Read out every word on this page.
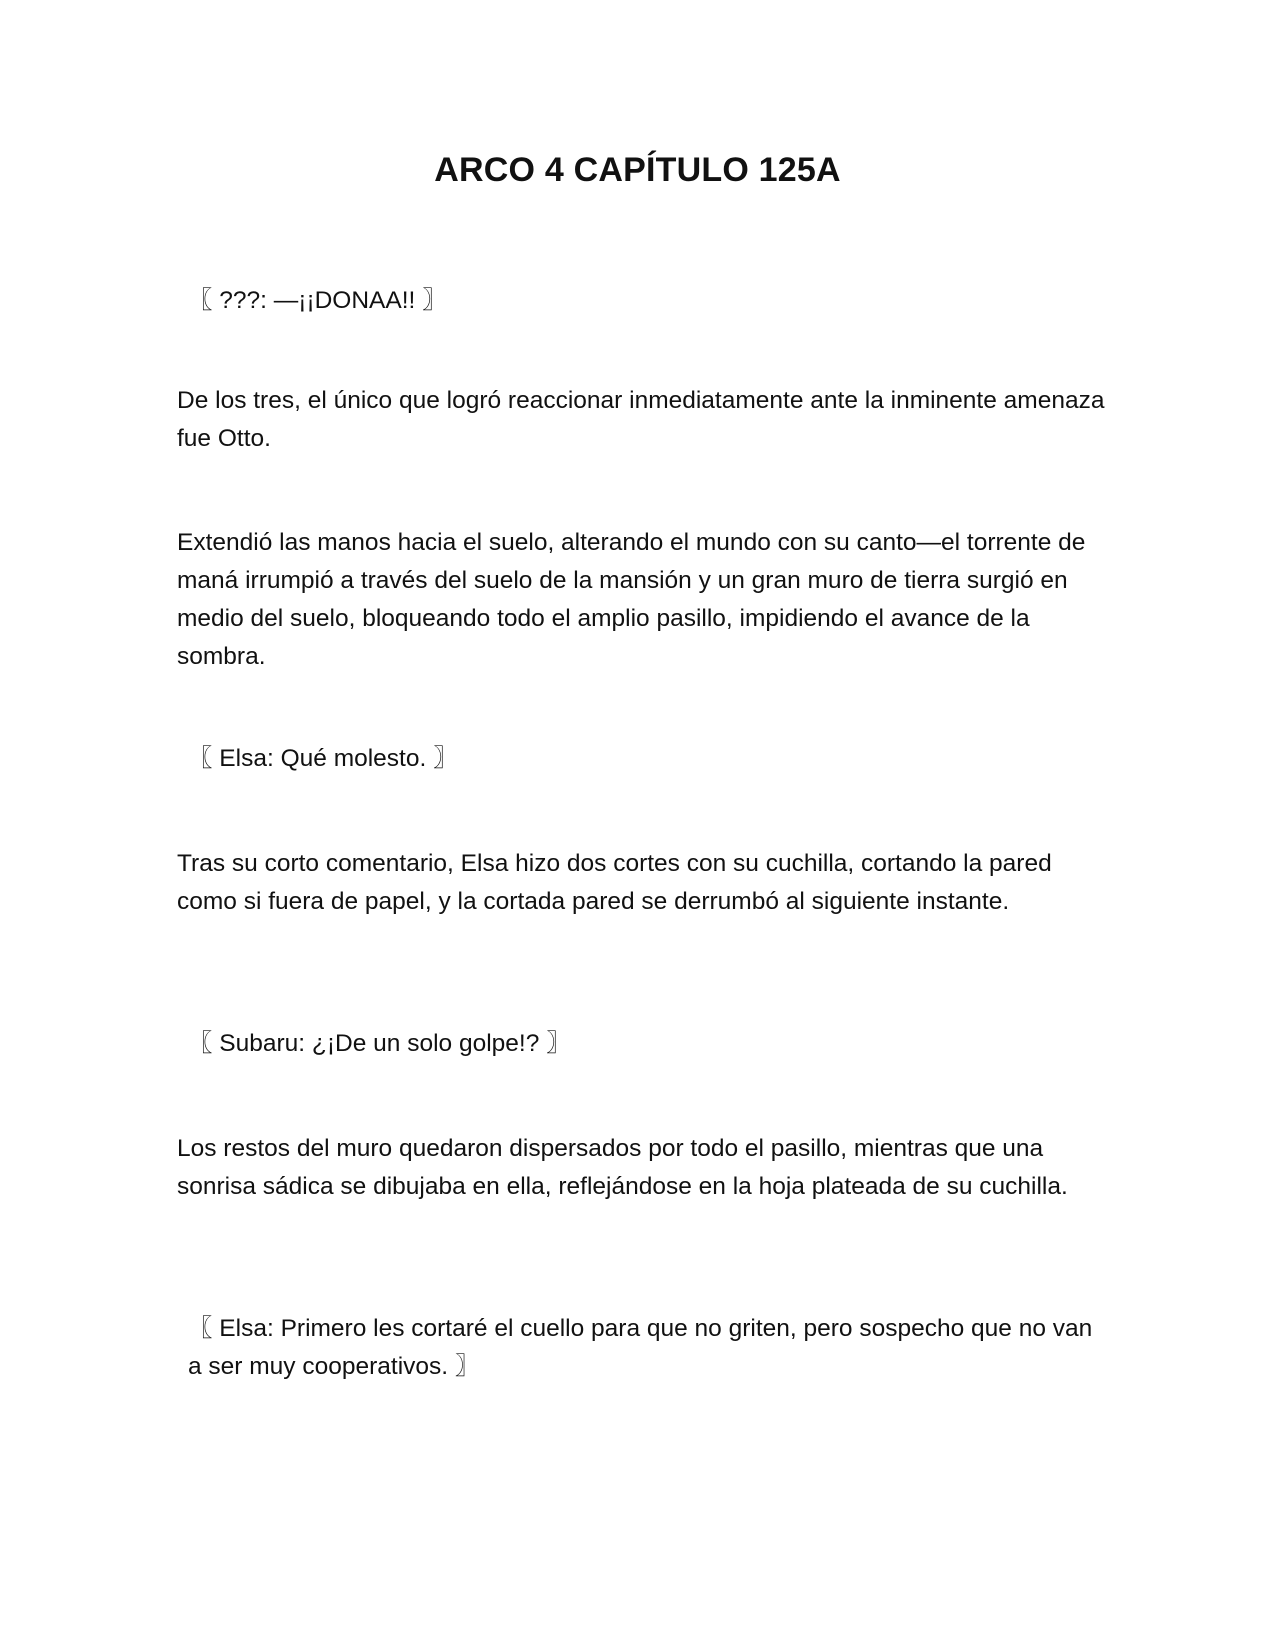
ARCO 4 CAPÍTULO 125A

〖 ???: —¡¡DONAA!! 〗

De los tres, el único que logró reaccionar inmediatamente ante la inminente amenaza fue Otto.

Extendió las manos hacia el suelo, alterando el mundo con su canto—el torrente de maná irrumpió a través del suelo de la mansión y un gran muro de tierra surgió en medio del suelo, bloqueando todo el amplio pasillo, impidiendo el avance de la sombra.

〖 Elsa: Qué molesto. 〗

Tras su corto comentario, Elsa hizo dos cortes con su cuchilla, cortando la pared como si fuera de papel, y la cortada pared se derrumbó al siguiente instante.

〖 Subaru: ¿¡De un solo golpe!? 〗

Los restos del muro quedaron dispersados por todo el pasillo, mientras que una sonrisa sádica se dibujaba en ella, reflejándose en la hoja plateada de su cuchilla.

〖 Elsa: Primero les cortaré el cuello para que no griten, pero sospecho que no van a ser muy cooperativos. 〗
